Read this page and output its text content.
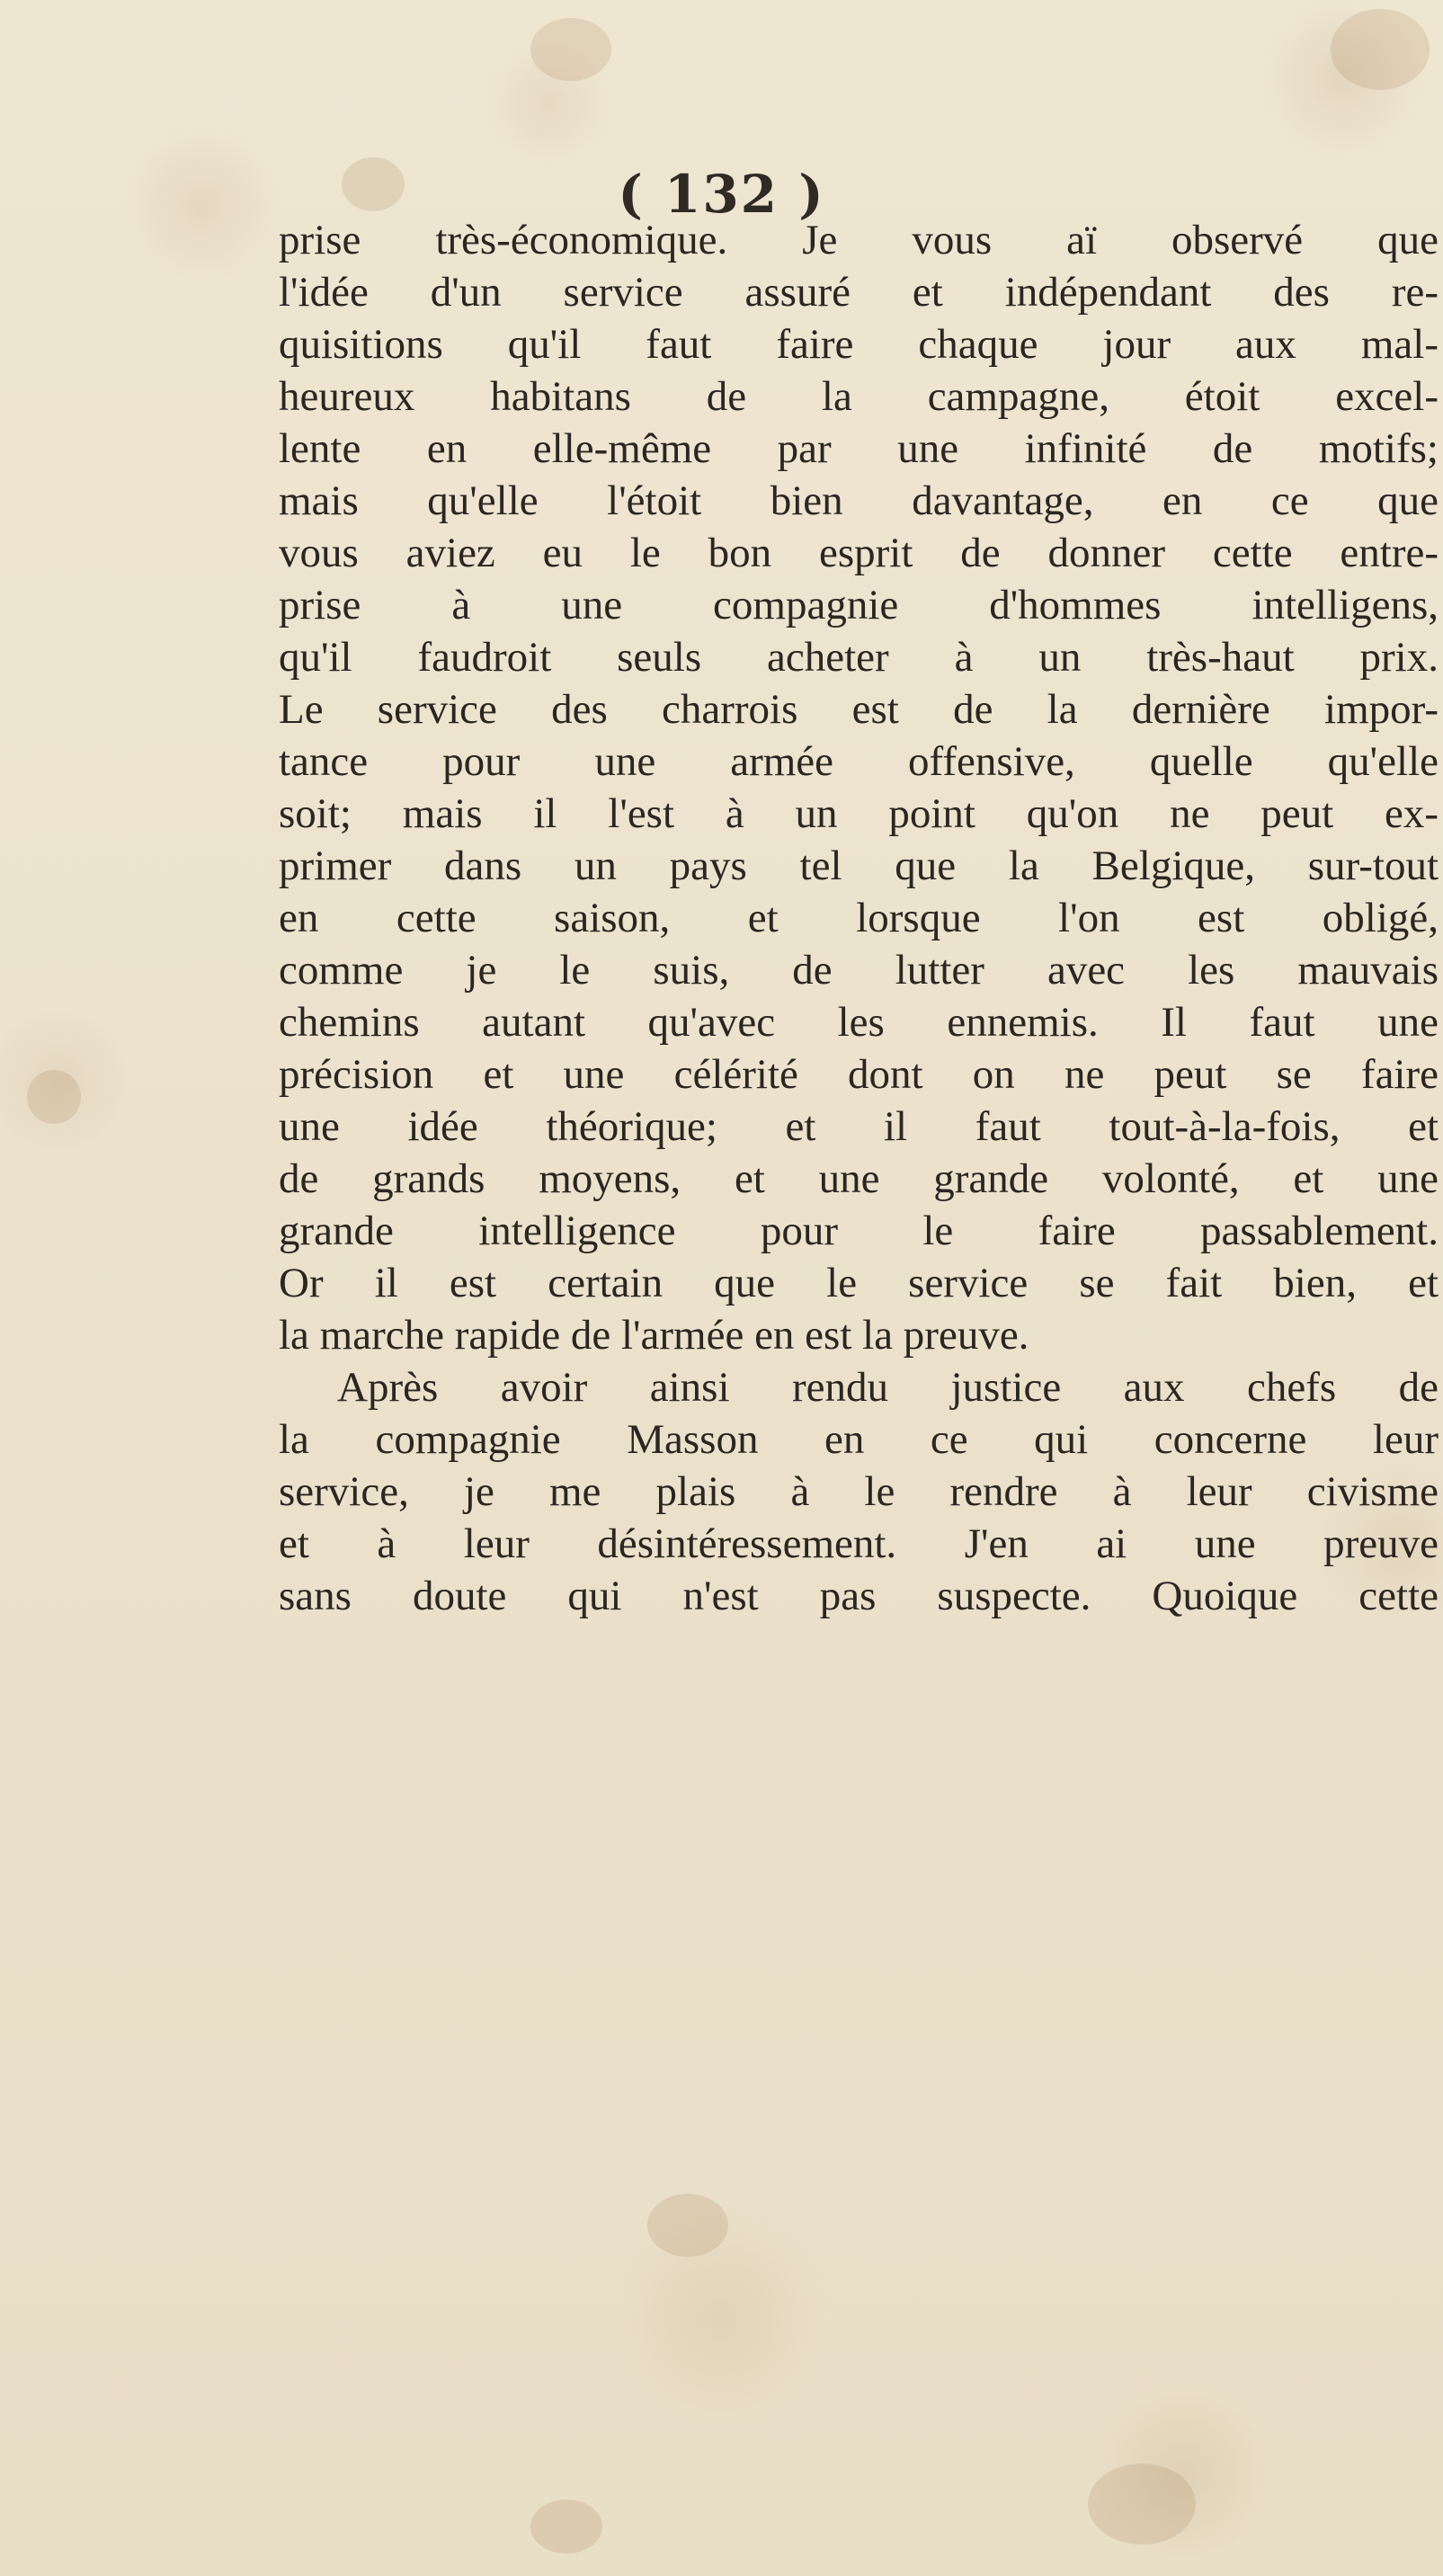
( 132 )
prise très-économique. Je vous aï observé que
l'idée d'un service assuré et indépendant des re-
quisitions qu'il faut faire chaque jour aux mal-
heureux habitans de la campagne, étoit excel-
lente en elle-même par une infinité de motifs;
mais qu'elle l'étoit bien davantage, en ce que
vous aviez eu le bon esprit de donner cette entre-
prise à une compagnie d'hommes intelligens,
qu'il faudroit seuls acheter à un très-haut prix.
Le service des charrois est de la dernière impor-
tance pour une armée offensive, quelle qu'elle
soit; mais il l'est à un point qu'on ne peut ex-
primer dans un pays tel que la Belgique, sur-tout
en cette saison, et lorsque l'on est obligé,
comme je le suis, de lutter avec les mauvais
chemins autant qu'avec les ennemis. Il faut une
précision et une célérité dont on ne peut se faire
une idée théorique; et il faut tout-à-la-fois, et
de grands moyens, et une grande volonté, et une
grande intelligence pour le faire passablement.
Or il est certain que le service se fait bien, et
la marche rapide de l'armée en est la preuve.
Après avoir ainsi rendu justice aux chefs de
la compagnie Masson en ce qui concerne leur
service, je me plais à le rendre à leur civisme
et à leur désintéressement. J'en ai une preuve
sans doute qui n'est pas suspecte. Quoique cette
